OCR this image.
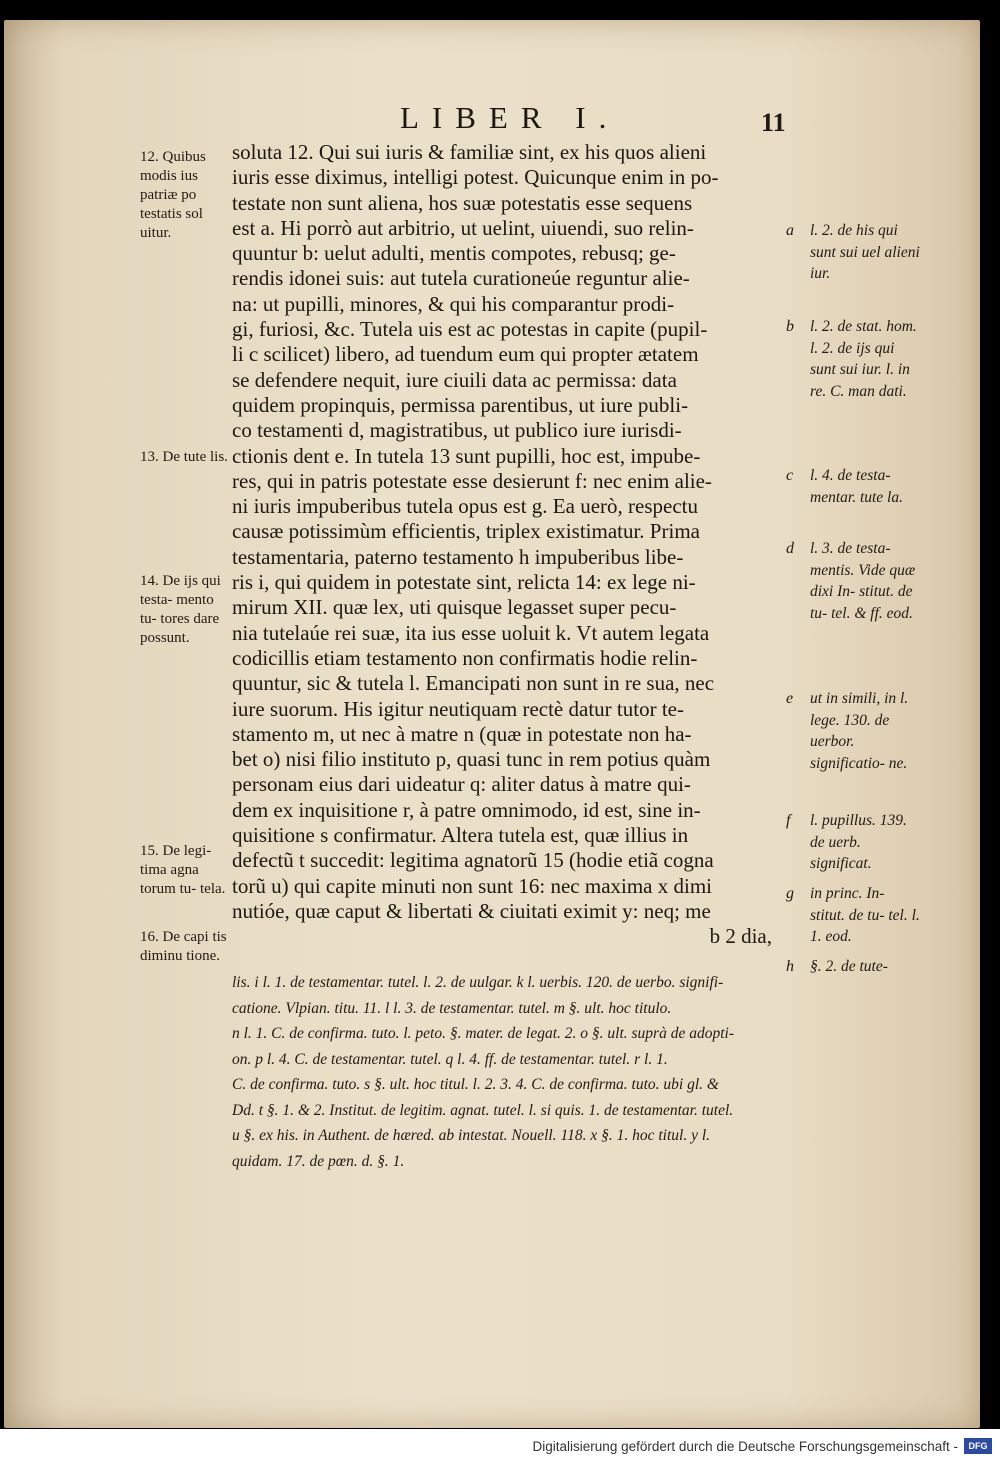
LIBER I.	11
soluta 12. Qui sui iuris & familiæ sint, ex his quos alieni
iuris esse diximus, intelligi potest. Quicunque enim in po-
testate non sunt aliena, hos suæ potestatis esse sequens
est a. Hi porrò aut arbitrio, ut uelint, uiuendi, suo relin-
quuntur b: uelut adulti, mentis compotes, rebusq; ge-
rendis idonei suis: aut tutela curationeúe reguntur alie-
na: ut pupilli, minores, & qui his comparantur prodi-
gi, furiosi, &c. Tutela uis est ac potestas in capite (pupil-
li c scilicet) libero, ad tuendum eum qui propter ætatem
se defendere nequit, iure ciuili data ac permissa: data
quidem propinquis, permissa parentibus, ut iure publi-
co testamenti d, magistratibus, ut publico iure iurisdi-
ctionis dent e. In tutela 13 sunt pupilli, hoc est, impube-
res, qui in patris potestate esse desierunt f: nec enim alie-
ni iuris impuberibus tutela opus est g. Ea uerò, respectu
causæ potissimùm efficientis, triplex existimatur. Prima
testamentaria, paterno testamento h impuberibus libe-
ris i, qui quidem in potestate sint, relicta 14: ex lege ni-
mirum XII. quæ lex, uti quisque legasset super pecu-
nia tutelaúe rei suæ, ita ius esse uoluit k. Vt autem legata
codicillis etiam testamento non confirmatis hodie relin-
quuntur, sic & tutela l. Emancipati non sunt in re sua, nec
iure suorum. His igitur neutiquam rectè datur tutor te-
stamento m, ut nec à matre n (quæ in potestate non ha-
bet o) nisi filio instituto p, quasi tunc in rem potius quàm
personam eius dari uideatur q: aliter datus à matre qui-
dem ex inquisitione r, à patre omnimodo, id est, sine in-
quisitione s confirmatur. Altera tutela est, quæ illius in
defectũ t succedit: legitima agnatorũ 15 (hodie etiã cogna
torũ u) qui capite minuti non sunt 16: nec maxima x dimi
nutióe, quæ caput & libertati & ciuitati eximit y: neq; me
b 2 dia,
12. Quibus modis ius patriæ po testatis sol uitur.
13. De tute lis.
14. De ijs qui testa- mento tu- tores dare possunt.
15. De legi- tima agna torum tu- tela.
16. De capi tis diminu tione.
a l. 2. de his qui sunt sui uel alieni iur.
b l. 2. de stat. hom. l. 2. de ijs qui sunt sui iur. l. in re. C. man dati.
c l. 4. de testa- mentar. tute la.
d l. 3. de testa- mentis. Vide quæ dixi In- stitut. de tu- tel. & ff. eod.
e ut in simili, in l. lege. 130. de uerbor. significatio- ne.
f l. pupillus. 139. de uerb. significat.
g in princ. In- stitut. de tu- tel. l. 1. eod.
h §. 2. de tute-
lis. i l. 1. de testamentar. tutel. l. 2. de uulgar. k l. uerbis. 120. de uerbo. signifi-
catione. Vlpian. titu. 11. l l. 3. de testamentar. tutel. m §. ult. hoc titulo.
n l. 1. C. de confirma. tuto. l. peto. §. mater. de legat. 2. o §. ult. suprà de adopti-
on. p l. 4. C. de testamentar. tutel. q l. 4. ff. de testamentar. tutel. r l. 1.
C. de confirma. tuto. s §. ult. hoc titul. l. 2. 3. 4. C. de confirma. tuto. ubi gl. &
Dd. t §. 1. & 2. Institut. de legitim. agnat. tutel. l. si quis. 1. de testamentar. tutel.
u §. ex his. in Authent. de hæred. ab intestat. Nouell. 118. x §. 1. hoc titul. y l.
quidam. 17. de pœn. d. §. 1.
Digitalisierung gefördert durch die Deutsche Forschungsgemeinschaft -	DFG
